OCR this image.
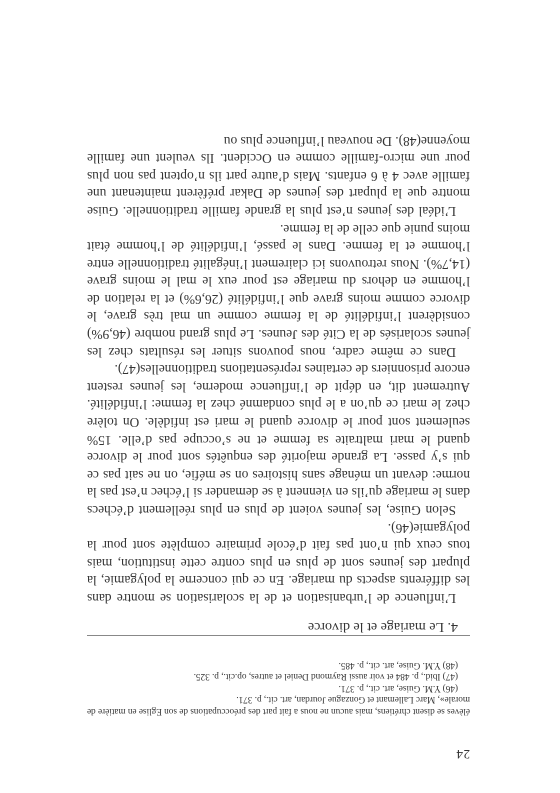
24

élèves se disent chrétiens, mais aucun ne nous a fait part des préoccupations de son Eglise en matière de morale», Marc Lallemant et Gonzague Jourdan, art. cit., p. 371.

(46) Y.M. Guise, art. cit., p. 371.

(47) Ibid., p. 484 et voir aussi Raymond Deniel et autres, op.cit., p. 325.

(48) Y.M. Guise, art. cit., p. 485.

4. Le mariage et le divorce

L’influence de l’urbanisation et de la scolarisation se montre dans les différents aspects du mariage. En ce qui concerne la polygamie, la plupart des jeunes sont de plus en plus contre cette institution, mais tous ceux qui n’ont pas fait d’école primaire complète sont pour la polygamie(46).

Selon Guise, les jeunes voient de plus en plus réellement d’échecs dans le mariage qu’ils en viennent à se demander si l’échec n’est pas la norme: devant un ménage sans histoires on se méfie, on ne sait pas ce qui s’y passe. La grande majorité des enquêtés sont pour le divorce quand le mari maltraite sa femme et ne s’occupe pas d’elle. 15% seulement sont pour le divorce quand le mari est infidèle. On tolère chez le mari ce qu’on a le plus condamné chez la femme: l’infidélité. Autrement dit, en dépit de l’influence moderne, les jeunes restent encore prisonniers de certaines représentations traditionnelles(47).

Dans ce même cadre, nous pouvons situer les résultats chez les jeunes scolarisés de la Cité des Jeunes. Le plus grand nombre (46,9%) considèrent l’infidélité de la femme comme un mal très grave, le divorce comme moins grave que l’infidélité (26,6%) et la relation de l’homme en dehors du mariage est pour eux le mal le moins grave (14,7%). Nous retrouvons ici clairement l’inégalité traditionnelle entre l’homme et la femme. Dans le passé, l’infidélité de l’homme était moins punie que celle de la femme.

L’idéal des jeunes n’est plus la grande famille traditionnelle. Guise montre que la plupart des jeunes de Dakar préfèrent maintenant une famille avec 4 à 6 enfants. Mais d’autre part ils n’optent pas non plus pour une micro-famille comme en Occident. Ils veulent une famille moyenne(48). De nouveau l’influence plus ou
